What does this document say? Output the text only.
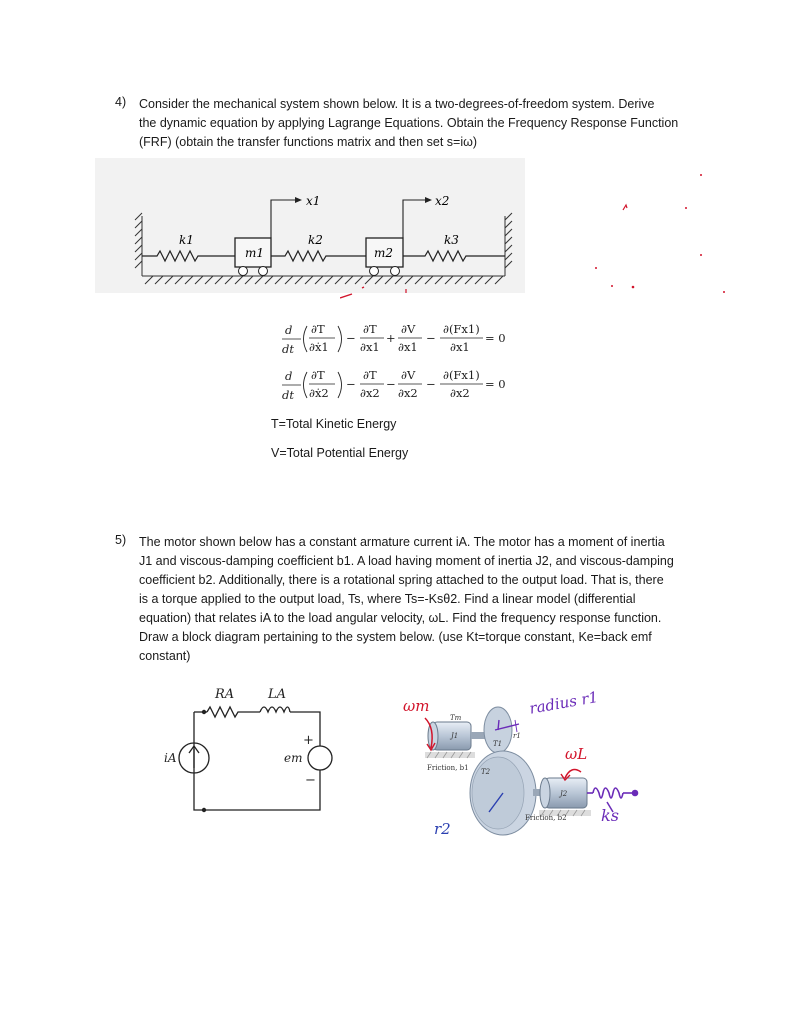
4) Consider the mechanical system shown below. It is a two-degrees-of-freedom system. Derive
the dynamic equation by applying Lagrange Equations. Obtain the Frequency Response Function
(FRF) (obtain the transfer functions matrix and then set s=iω)
x1	x2
k1	k2	k3
m1	m2
d
dt
∂T
∂ẋ1
−
∂T
∂x1
+
∂V
∂x1
−
∂(Fx1)
∂x1
= 0
d
dt
∂T
∂ẋ2
−
∂T
∂x2
−
∂V
∂x2
−
∂(Fx1)
∂x2
= 0
T=Total Kinetic Energy
V=Total Potential Energy
5) The motor shown below has a constant armature current iA. The motor has a moment of inertia
J1 and viscous-damping coefficient b1. A load having moment of inertia J2, and viscous-damping
coefficient b2. Additionally, there is a rotational spring attached to the output load. That is, there
is a torque applied to the output load, Ts, where Ts=-Ksθ2. Find a linear model (differential
equation) that relates iA to the load angular velocity, ωL. Find the frequency response function.
Draw a block diagram pertaining to the system below. (use Kt=torque constant, Ke=back emf
constant)
RA	LA
iA	em
+
−
Tm
J1	r1
T1
T2
J2
Friction, b1
Friction, b2
ωm	radius r1
ωL
ks
r2
